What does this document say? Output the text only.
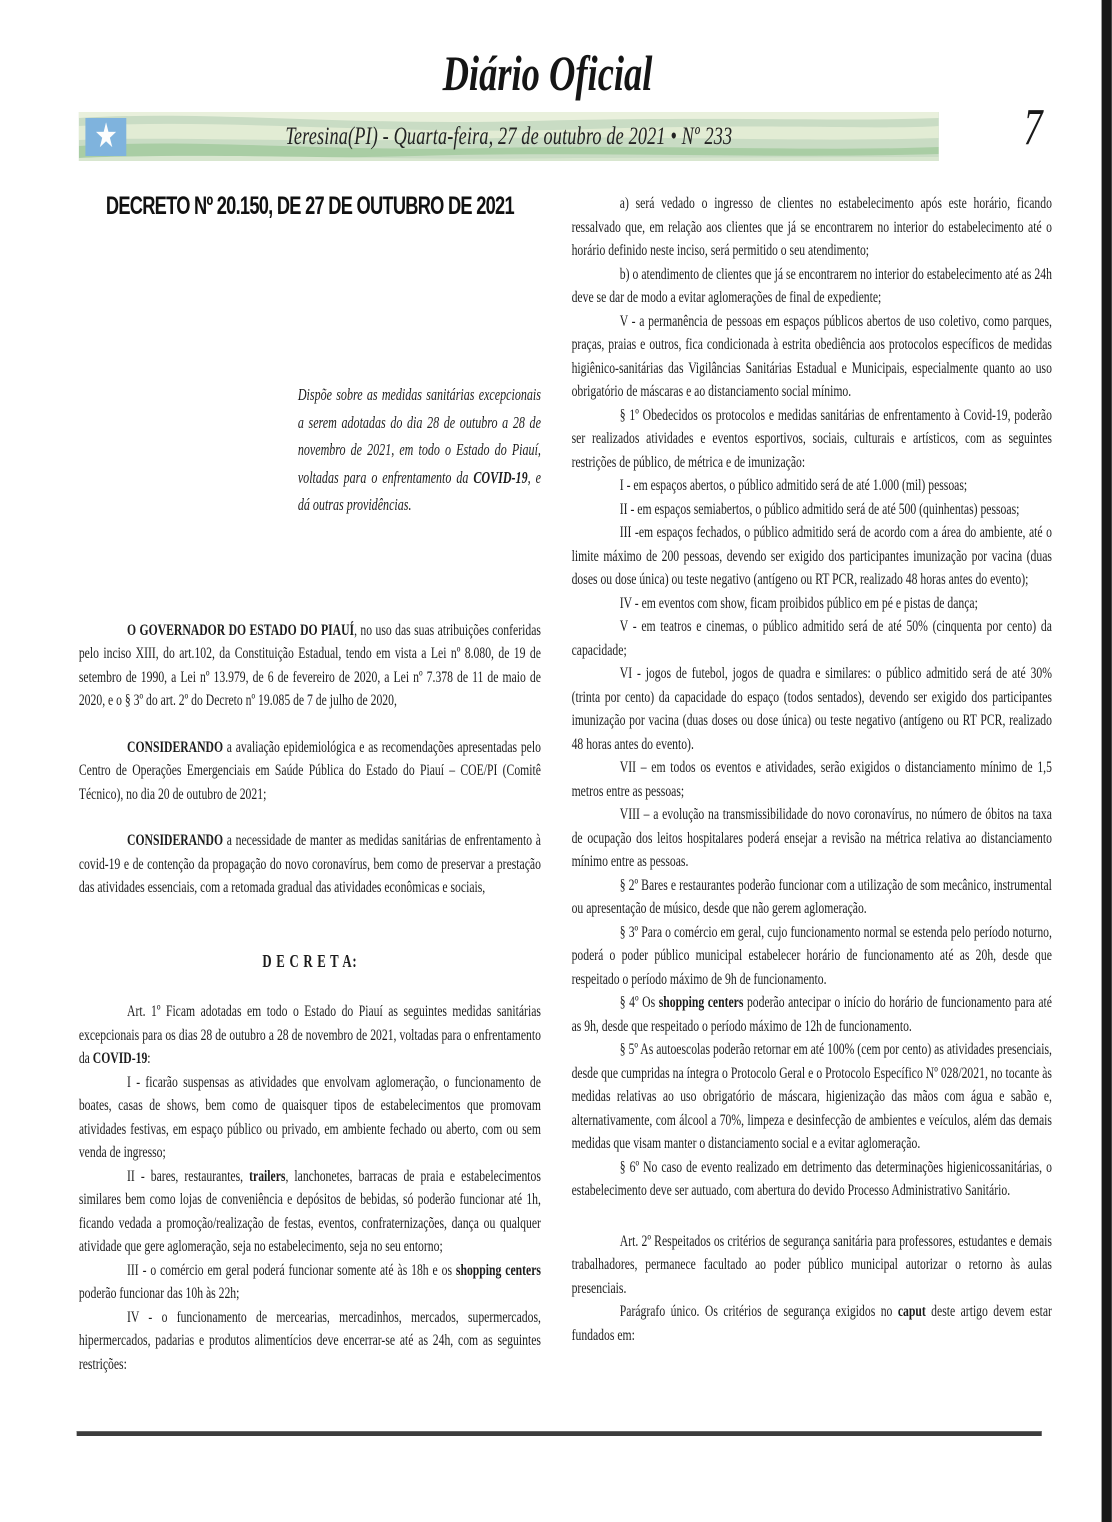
Diário Oficial
Teresina(PI) - Quarta-feira, 27 de outubro de 2021 • Nº 233
★	7
DECRETO Nº 20.150, DE 27 DE OUTUBRO DE 2021
Dispõe sobre as medidas sanitárias excepcionais a serem adotadas do dia 28 de outubro a 28 de novembro de 2021, em todo o Estado do Piauí, voltadas para o enfrentamento da COVID-19, e dá outras providências.

O GOVERNADOR DO ESTADO DO PIAUÍ, no uso das suas atribuições conferidas pelo inciso XIII, do art.102, da Constituição Estadual, tendo em vista a Lei nº 8.080, de 19 de setembro de 1990, a Lei nº 13.979, de 6 de fevereiro de 2020, a Lei nº 7.378 de 11 de maio de 2020, e o § 3º do art. 2º do Decreto nº 19.085 de 7 de julho de 2020,

CONSIDERANDO a avaliação epidemiológica e as recomendações apresentadas pelo Centro de Operações Emergenciais em Saúde Pública do Estado do Piauí – COE/PI (Comitê Técnico), no dia 20 de outubro de 2021;

CONSIDERANDO a necessidade de manter as medidas sanitárias de enfrentamento à covid-19 e de contenção da propagação do novo coronavírus, bem como de preservar a prestação das atividades essenciais, com a retomada gradual das atividades econômicas e sociais,

D E C R E T A:

Art. 1º Ficam adotadas em todo o Estado do Piauí as seguintes medidas sanitárias excepcionais para os dias 28 de outubro a 28 de novembro de 2021, voltadas para o enfrentamento da COVID-19:

I - ficarão suspensas as atividades que envolvam aglomeração, o funcionamento de boates, casas de shows, bem como de quaisquer tipos de estabelecimentos que promovam atividades festivas, em espaço público ou privado, em ambiente fechado ou aberto, com ou sem venda de ingresso;

II - bares, restaurantes, trailers, lanchonetes, barracas de praia e estabelecimentos similares bem como lojas de conveniência e depósitos de bebidas, só poderão funcionar até 1h, ficando vedada a promoção/realização de festas, eventos, confraternizações, dança ou qualquer atividade que gere aglomeração, seja no estabelecimento, seja no seu entorno;

III - o comércio em geral poderá funcionar somente até às 18h e os shopping centers poderão funcionar das 10h às 22h;

IV - o funcionamento de mercearias, mercadinhos, mercados, supermercados, hipermercados, padarias e produtos alimentícios deve encerrar-se até as 24h, com as seguintes restrições:

a) será vedado o ingresso de clientes no estabelecimento após este horário, ficando ressalvado que, em relação aos clientes que já se encontrarem no interior do estabelecimento até o horário definido neste inciso, será permitido o seu atendimento;

b) o atendimento de clientes que já se encontrarem no interior do estabelecimento até as 24h deve se dar de modo a evitar aglomerações de final de expediente;

V - a permanência de pessoas em espaços públicos abertos de uso coletivo, como parques, praças, praias e outros, fica condicionada à estrita obediência aos protocolos específicos de medidas higiênico-sanitárias das Vigilâncias Sanitárias Estadual e Municipais, especialmente quanto ao uso obrigatório de máscaras e ao distanciamento social mínimo.

§ 1º Obedecidos os protocolos e medidas sanitárias de enfrentamento à Covid-19, poderão ser realizados atividades e eventos esportivos, sociais, culturais e artísticos, com as seguintes restrições de público, de métrica e de imunização:

I - em espaços abertos, o público admitido será de até 1.000 (mil) pessoas;

II - em espaços semiabertos, o público admitido será de até 500 (quinhentas) pessoas;

III -em espaços fechados, o público admitido será de acordo com a área do ambiente, até o limite máximo de 200 pessoas, devendo ser exigido dos participantes imunização por vacina (duas doses ou dose única) ou teste negativo (antígeno ou RT PCR, realizado 48 horas antes do evento);

IV - em eventos com show, ficam proibidos público em pé e pistas de dança;

V - em teatros e cinemas, o público admitido será de até 50% (cinquenta por cento) da capacidade;

VI - jogos de futebol, jogos de quadra e similares: o público admitido será de até 30% (trinta por cento) da capacidade do espaço (todos sentados), devendo ser exigido dos participantes imunização por vacina (duas doses ou dose única) ou teste negativo (antígeno ou RT PCR, realizado 48 horas antes do evento).

VII – em todos os eventos e atividades, serão exigidos o distanciamento mínimo de 1,5 metros entre as pessoas;

VIII – a evolução na transmissibilidade do novo coronavírus, no número de óbitos na taxa de ocupação dos leitos hospitalares poderá ensejar a revisão na métrica relativa ao distanciamento mínimo entre as pessoas.

§ 2º Bares e restaurantes poderão funcionar com a utilização de som mecânico, instrumental ou apresentação de músico, desde que não gerem aglomeração.

§ 3º Para o comércio em geral, cujo funcionamento normal se estenda pelo período noturno, poderá o poder público municipal estabelecer horário de funcionamento até as 20h, desde que respeitado o período máximo de 9h de funcionamento.

§ 4º Os shopping centers poderão antecipar o início do horário de funcionamento para até as 9h, desde que respeitado o período máximo de 12h de funcionamento.

§ 5º As autoescolas poderão retornar em até 100% (cem por cento) as atividades presenciais, desde que cumpridas na íntegra o Protocolo Geral e o Protocolo Específico Nº 028/2021, no tocante às medidas relativas ao uso obrigatório de máscara, higienização das mãos com água e sabão e, alternativamente, com álcool a 70%, limpeza e desinfecção de ambientes e veículos, além das demais medidas que visam manter o distanciamento social e a evitar aglomeração.

§ 6º No caso de evento realizado em detrimento das determinações higienicossanitárias, o estabelecimento deve ser autuado, com abertura do devido Processo Administrativo Sanitário.

Art. 2º Respeitados os critérios de segurança sanitária para professores, estudantes e demais trabalhadores, permanece facultado ao poder público municipal autorizar o retorno às aulas presenciais.

Parágrafo único. Os critérios de segurança exigidos no caput deste artigo devem estar fundados em:
